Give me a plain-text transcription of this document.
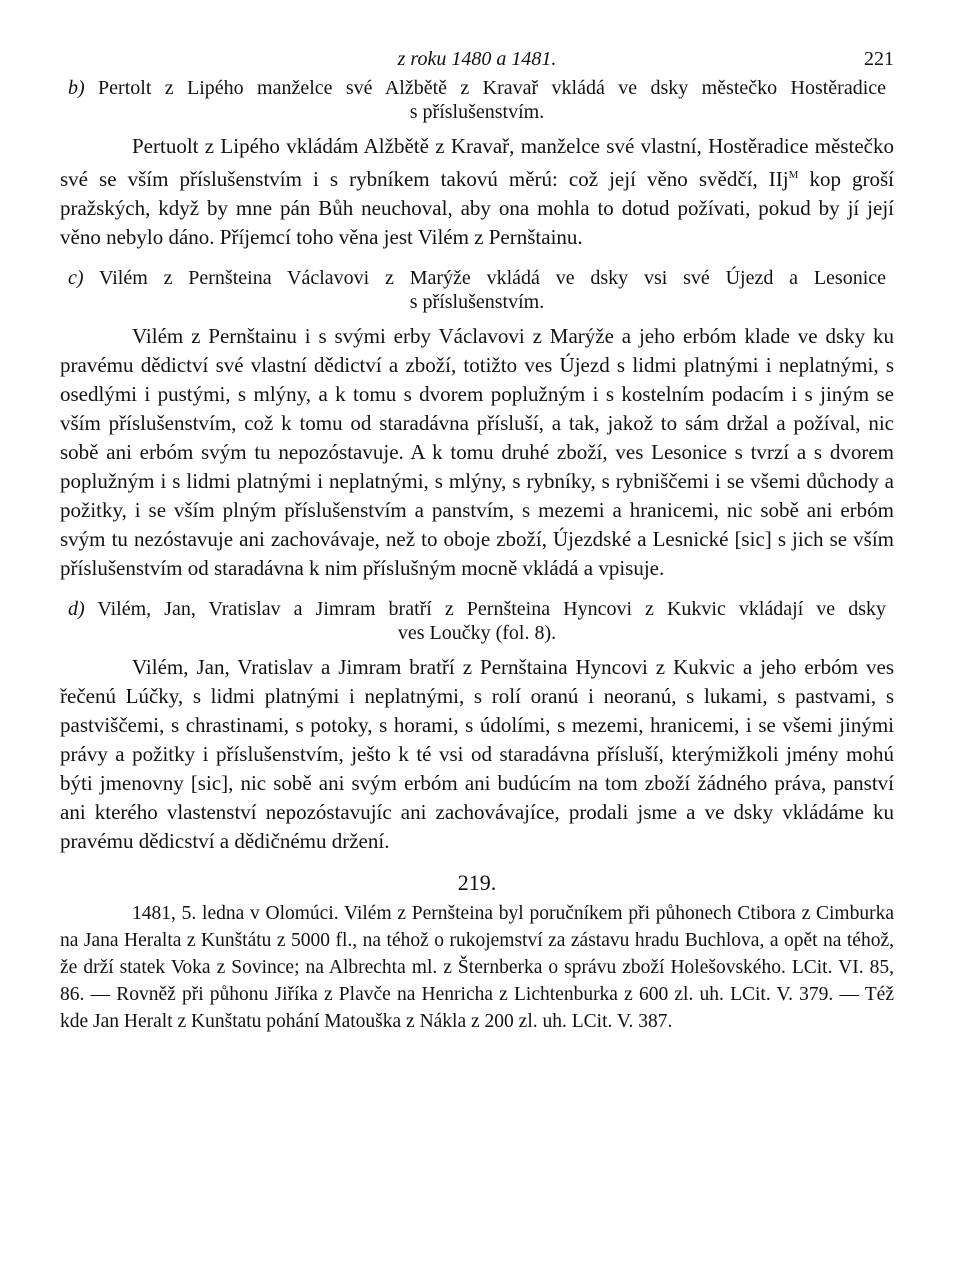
z roku 1480 a 1481.	221
b) Pertolt z Lipého manželce své Alžbětě z Kravař vkládá ve dsky městečko Hostěradice
s příslušenstvím.

Pertuolt z Lipého vkládám Alžbětě z Kravař, manželce své vlastní, Hostěradice městečko své se vším příslušenstvím i s rybníkem takovú měrú: což její věno svědčí, IIj$^M$ kop groší pražských, když by mne pán Bůh neuchoval, aby ona mohla to dotud požívati, pokud by jí její věno nebylo dáno. Příjemcí toho věna jest Vilém z Pernštainu.

c) Vilém z Pernšteina Václavovi z Marýže vkládá ve dsky vsi své Újezd a Lesonice
s příslušenstvím.

Vilém z Pernštainu i s svými erby Václavovi z Marýže a jeho erbóm klade ve dsky ku pravému dědictví své vlastní dědictví a zboží, totižto ves Újezd s lidmi platnými i neplatnými, s osedlými i pustými, s mlýny, a k tomu s dvorem poplužným i s kostelním podacím i s jiným se vším příslušenstvím, což k tomu od staradávna přísluší, a tak, jakož to sám držal a požíval, nic sobě ani erbóm svým tu nepozóstavuje. A k tomu druhé zboží, ves Lesonice s tvrzí a s dvorem poplužným i s lidmi platnými i neplatnými, s mlýny, s rybníky, s rybniščemi i se všemi důchody a požitky, i se vším plným příslušenstvím a panstvím, s mezemi a hranicemi, nic sobě ani erbóm svým tu nezóstavuje ani zachovávaje, než to oboje zboží, Újezdské a Lesnické [sic] s jich se vším příslušenstvím od staradávna k nim příslušným mocně vkládá a vpisuje.

d) Vilém, Jan, Vratislav a Jimram bratří z Pernšteina Hyncovi z Kukvic vkládají ve dsky
ves Loučky (fol. 8).

Vilém, Jan, Vratislav a Jimram bratří z Pernštaina Hyncovi z Kukvic a jeho erbóm ves řečenú Lúčky, s lidmi platnými i neplatnými, s rolí oranú i neoranú, s lukami, s pastvami, s pastviščemi, s chrastinami, s potoky, s horami, s údolími, s mezemi, hranicemi, i se všemi jinými právy a požitky i příslušenstvím, ješto k té vsi od staradávna přísluší, kterýmižkoli jmény mohú býti jmenovny [sic], nic sobě ani svým erbóm ani budúcím na tom zboží žádného práva, panství ani kterého vlastenství nepozóstavujíc ani zachovávajíce, prodali jsme a ve dsky vkládáme ku pravému dědicství a dědičnému držení.

219.

1481, 5. ledna v Olomúci. Vilém z Pernšteina byl poručníkem při půhonech Ctibora z Cimburka na Jana Heralta z Kunštátu z 5000 fl., na téhož o rukojemství za zástavu hradu Buchlova, a opět na téhož, že drží statek Voka z Sovince; na Albrechta ml. z Šternberka o správu zboží Holešovského. LCit. VI. 85, 86. — Rovněž při půhonu Jiříka z Plavče na Henricha z Lichtenburka z 600 zl. uh. LCit. V. 379. — Též kde Jan Heralt z Kunštatu pohání Matouška z Nákla z 200 zl. uh. LCit. V. 387.
